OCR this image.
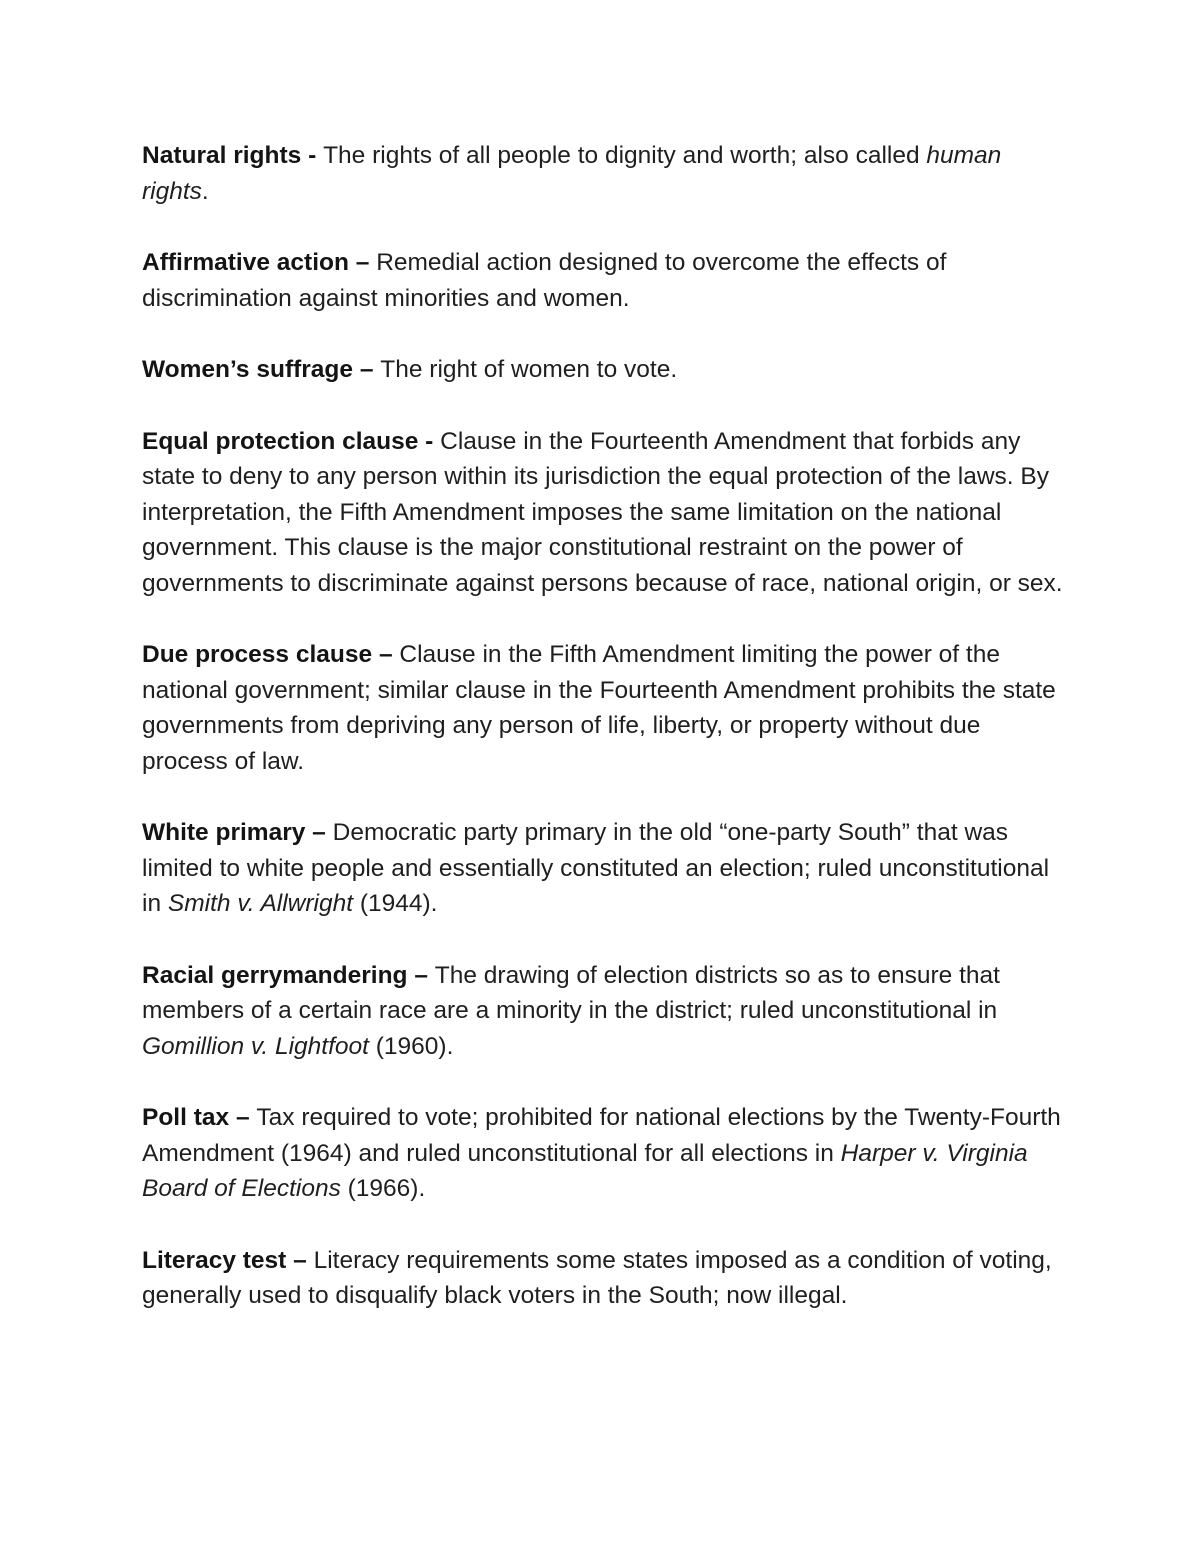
Natural rights - The rights of all people to dignity and worth; also called human rights.

Affirmative action – Remedial action designed to overcome the effects of discrimination against minorities and women.

Women’s suffrage – The right of women to vote.

Equal protection clause - Clause in the Fourteenth Amendment that forbids any state to deny to any person within its jurisdiction the equal protection of the laws. By interpretation, the Fifth Amendment imposes the same limitation on the national government. This clause is the major constitutional restraint on the power of governments to discriminate against persons because of race, national origin, or sex.

Due process clause – Clause in the Fifth Amendment limiting the power of the national government; similar clause in the Fourteenth Amendment prohibits the state governments from depriving any person of life, liberty, or property without due process of law.

White primary – Democratic party primary in the old “one-party South” that was limited to white people and essentially constituted an election; ruled unconstitutional in Smith v. Allwright (1944).

Racial gerrymandering – The drawing of election districts so as to ensure that members of a certain race are a minority in the district; ruled unconstitutional in Gomillion v. Lightfoot (1960).

Poll tax – Tax required to vote; prohibited for national elections by the Twenty-Fourth Amendment (1964) and ruled unconstitutional for all elections in Harper v. Virginia Board of Elections (1966).

Literacy test – Literacy requirements some states imposed as a condition of voting, generally used to disqualify black voters in the South; now illegal.
